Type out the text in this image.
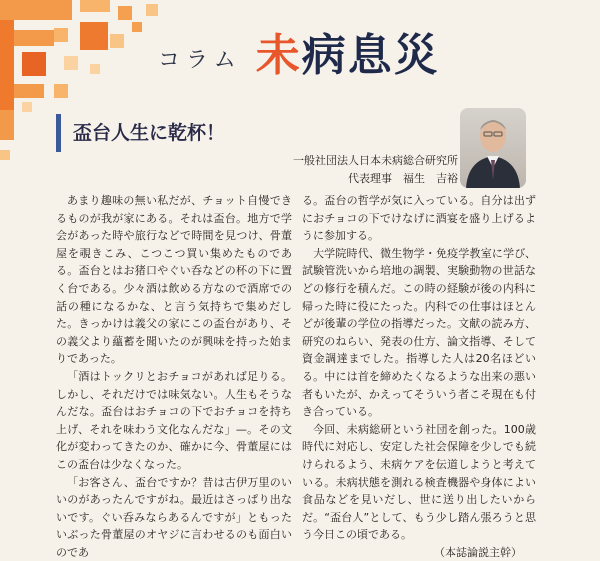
コラム 未 病 息 災
盃台人生に乾杯！
一般社団法人日本未病総合研究所
代表理事　福生　吉裕

あまり趣味の無い私だが、チョット自慢できるものが我が家にある。それは盃台。地方で学会があった時や旅行などで時間を見つけ、骨董屋を覗きこみ、こつこつ買い集めたものである。盃台とはお猪口やぐい呑などの杯の下に置く台である。少々酒は飲める方なので酒席での話の種になるかな、と言う気持ちで集めだした。きっかけは義父の家にこの盃台があり、その義父より蘊蓄を聞いたのが興味を持った始まりであった。

「酒はトックリとおチョコがあれば足りる。しかし、それだけでは味気ない。人生もそうなんだな。盃台はおチョコの下でおチョコを持ち上げ、それを味わう文化なんだな」—。その文化が変わってきたのか、確かに今、骨董屋にはこの盃台は少なくなった。

「お客さん、盃台ですか？昔は古伊万里のいいのがあったんですがね。最近はさっぱり出ないです。ぐい呑みならあるんですが」ともったいぶった骨董屋のオヤジに言わせるのも面白いのであ

る。盃台の哲学が気に入っている。自分は出ずにおチョコの下でけなげに酒宴を盛り上げるように参加する。

大学院時代、微生物学・免疫学教室に学び、試験管洗いから培地の調製、実験動物の世話などの修行を積んだ。この時の経験が後の内科に帰った時に役にたった。内科での仕事はほとんどが後輩の学位の指導だった。文献の読み方、研究のねらい、発表の仕方、論文指導、そして資金調達までした。指導した人は20名ほどいる。中には首を締めたくなるような出来の悪い者もいたが、かえってそういう者こそ現在も付き合っている。

今回、未病総研という社団を創った。100歳時代に対応し、安定した社会保障を少しでも続けられるよう、未病ケアを伝道しようと考えている。未病状態を測れる検査機器や身体によい食品などを見いだし、世に送り出したいからだ。“盃台人”として、もう少し踏ん張ろうと思う今日この頃である。

（本誌論説主幹）
